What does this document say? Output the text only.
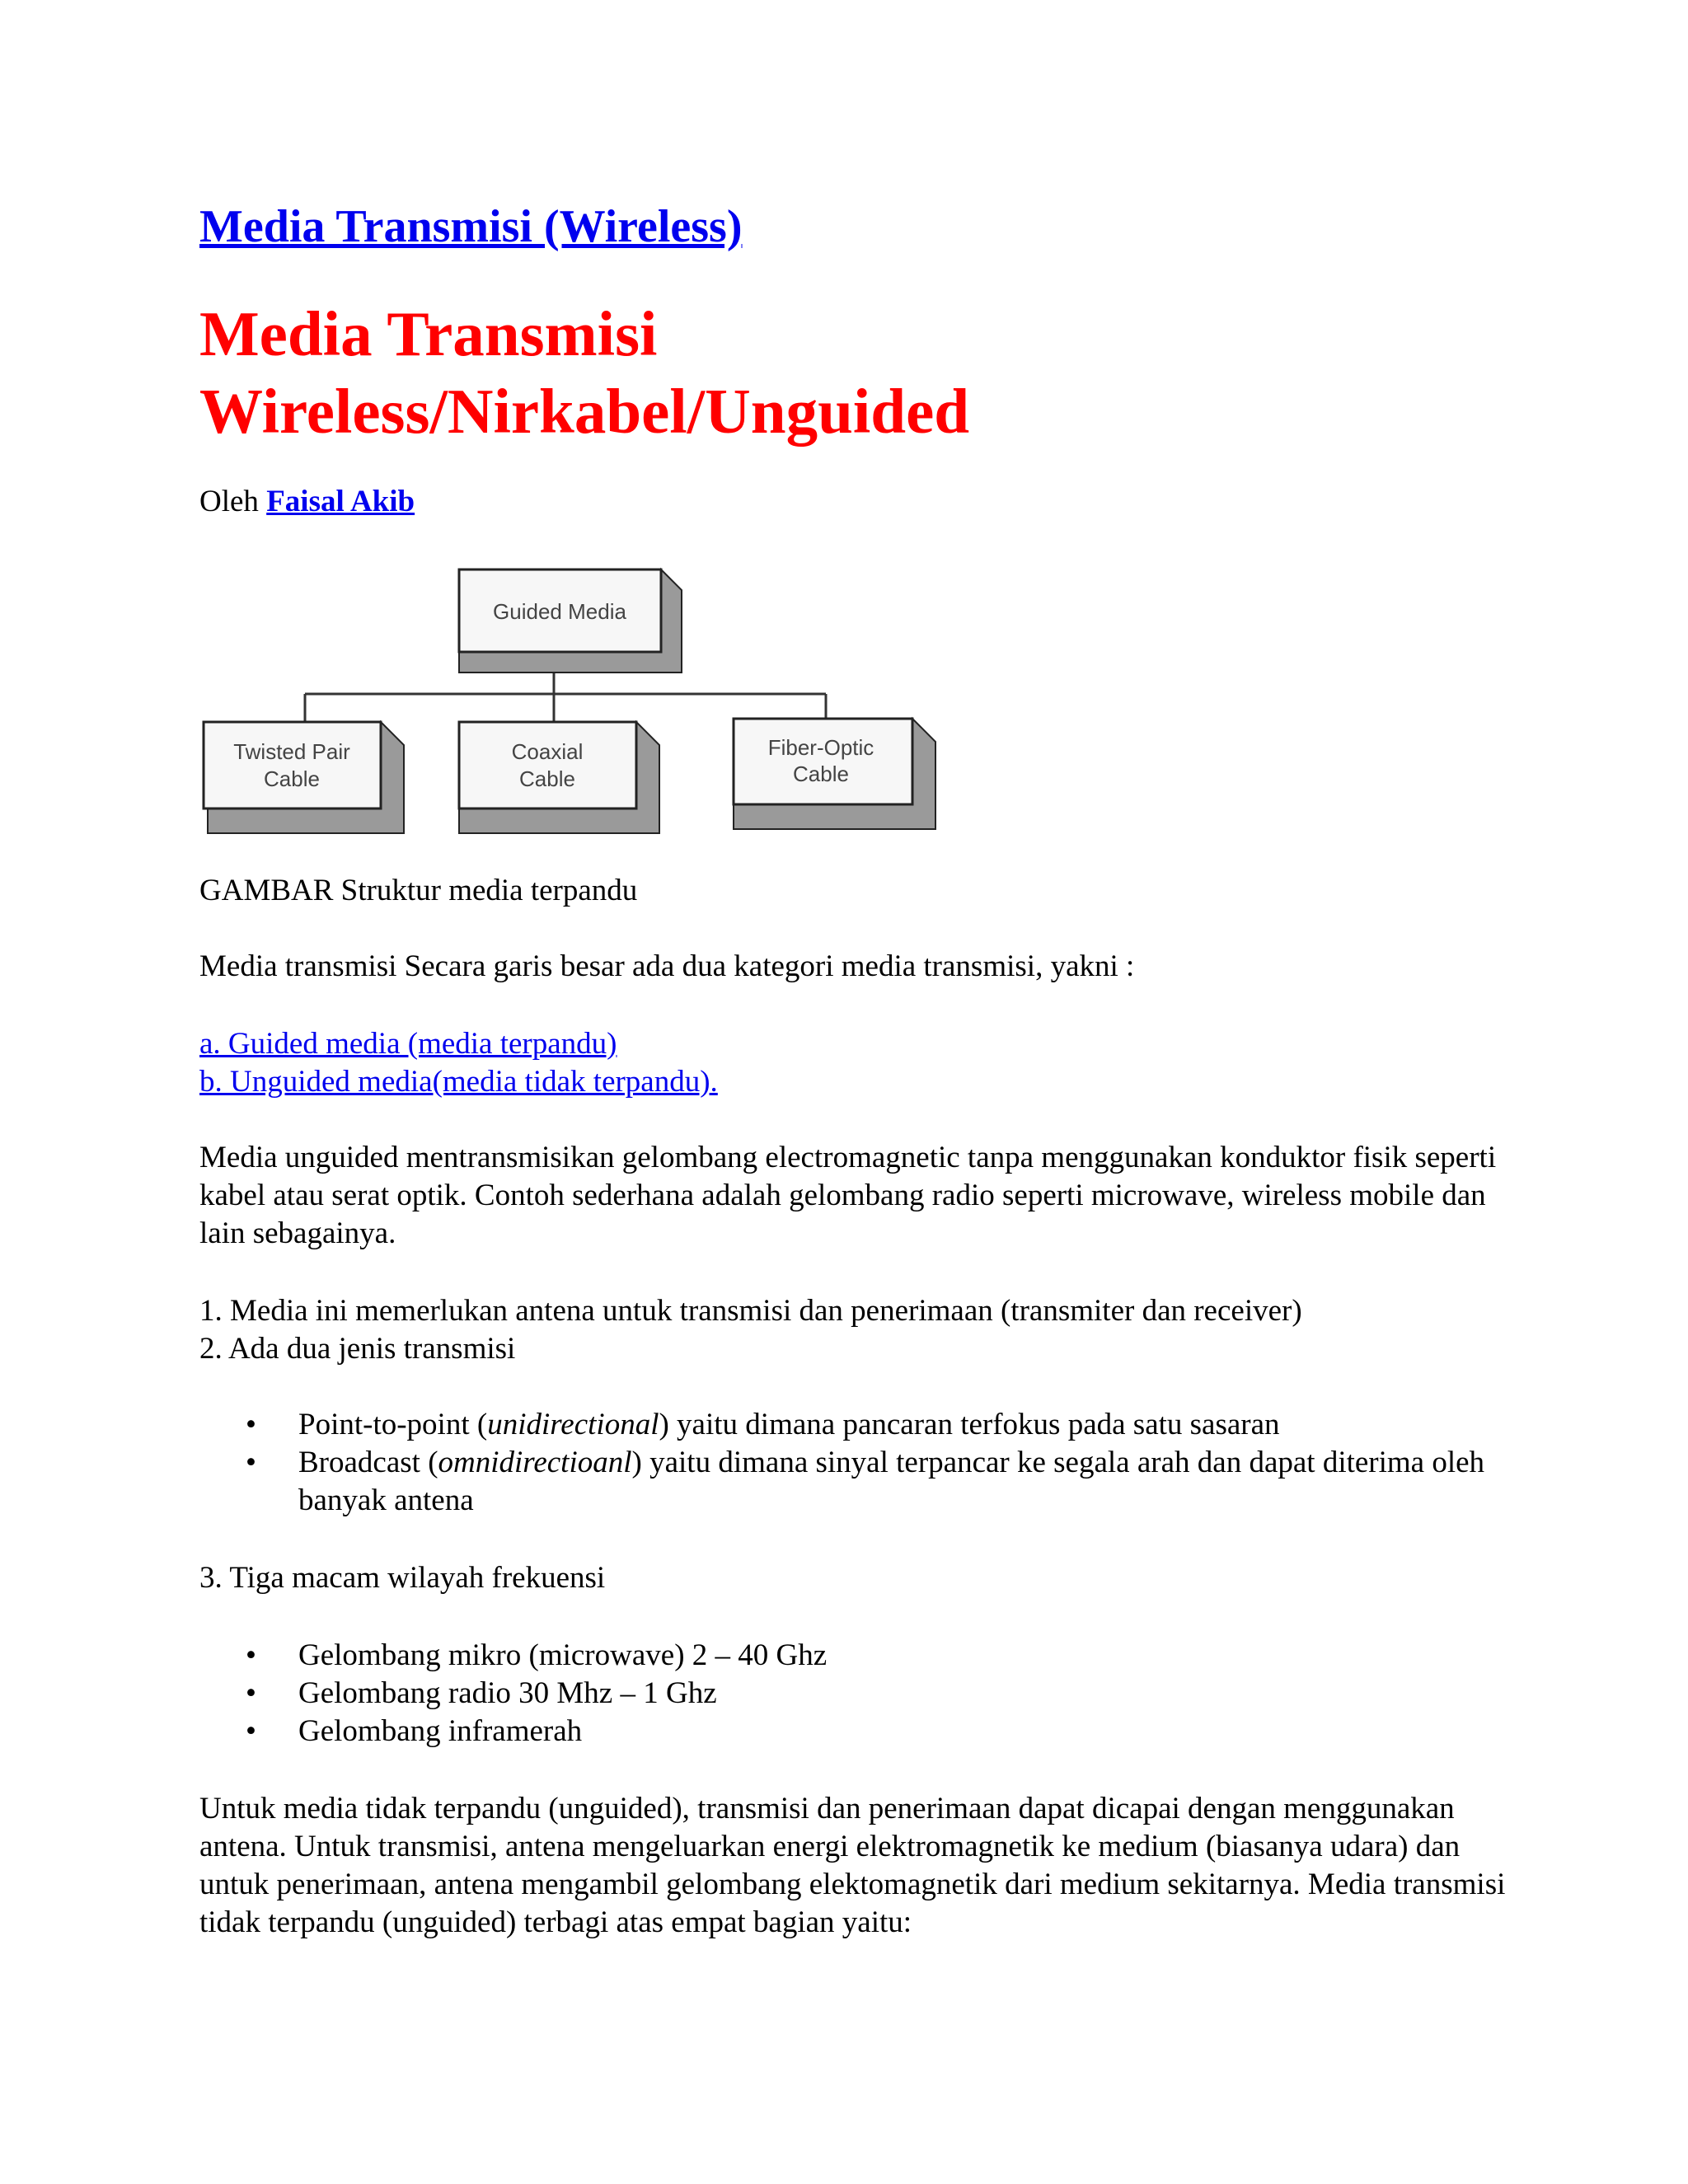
Media Transmisi (Wireless)
Media Transmisi
Wireless/Nirkabel/Unguided
Oleh Faisal Akib
Guided Media
Twisted Pair
Cable
Coaxial
Cable
Fiber-Optic
Cable

GAMBAR Struktur media terpandu

Media transmisi Secara garis besar ada dua kategori media transmisi, yakni :

a. Guided media (media terpandu)
b. Unguided media(media tidak terpandu).

Media unguided mentransmisikan gelombang electromagnetic tanpa menggunakan konduktor fisik seperti kabel atau serat optik. Contoh sederhana adalah gelombang radio seperti microwave, wireless mobile dan lain sebagainya.

1. Media ini memerlukan antena untuk transmisi dan penerimaan (transmiter dan receiver)
2. Ada dua jenis transmisi
• Point-to-point (unidirectional) yaitu dimana pancaran terfokus pada satu sasaran
• Broadcast (omnidirectioanl) yaitu dimana sinyal terpancar ke segala arah dan dapat diterima oleh banyak antena
3. Tiga macam wilayah frekuensi
• Gelombang mikro (microwave) 2 – 40 Ghz
• Gelombang radio 30 Mhz – 1 Ghz
• Gelombang inframerah

Untuk media tidak terpandu (unguided), transmisi dan penerimaan dapat dicapai dengan menggunakan antena. Untuk transmisi, antena mengeluarkan energi elektromagnetik ke medium (biasanya udara) dan untuk penerimaan, antena mengambil gelombang elektomagnetik dari medium sekitarnya. Media transmisi tidak terpandu (unguided) terbagi atas empat bagian yaitu:
